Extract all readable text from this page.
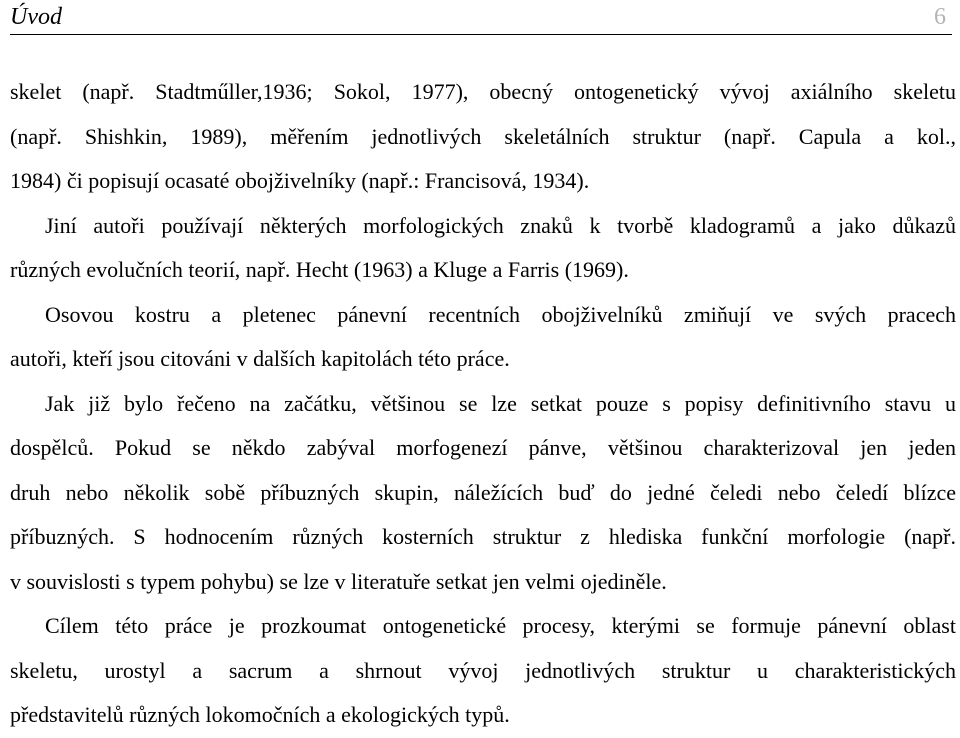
Úvod	6

skelet (např. Stadtműller,1936; Sokol, 1977), obecný ontogenetický vývoj axiálního skeletu
(např. Shishkin, 1989), měřením jednotlivých skeletálních struktur (např. Capula a kol.,
1984) či popisují ocasaté obojživelníky (např.: Francisová, 1934).

Jiní autoři používají některých morfologických znaků k tvorbě kladogramů a jako důkazů
různých evolučních teorií, např. Hecht (1963) a Kluge a Farris (1969).

Osovou kostru a pletenec pánevní recentních obojživelníků zmiňují ve svých pracech
autoři, kteří jsou citováni v dalších kapitolách této práce.

Jak již bylo řečeno na začátku, většinou se lze setkat pouze s popisy definitivního stavu u
dospělců. Pokud se někdo zabýval morfogenezí pánve, většinou charakterizoval jen jeden
druh nebo několik sobě příbuzných skupin, náležících buď do jedné čeledi nebo čeledí blízce
příbuzných. S hodnocením různých kosterních struktur z hlediska funkční morfologie (např.
v souvislosti s typem pohybu) se lze v literatuře setkat jen velmi ojediněle.

Cílem této práce je prozkoumat ontogenetické procesy, kterými se formuje pánevní oblast
skeletu, urostyl a sacrum a shrnout vývoj jednotlivých struktur u charakteristických
představitelů různých lokomočních a ekologických typů.
